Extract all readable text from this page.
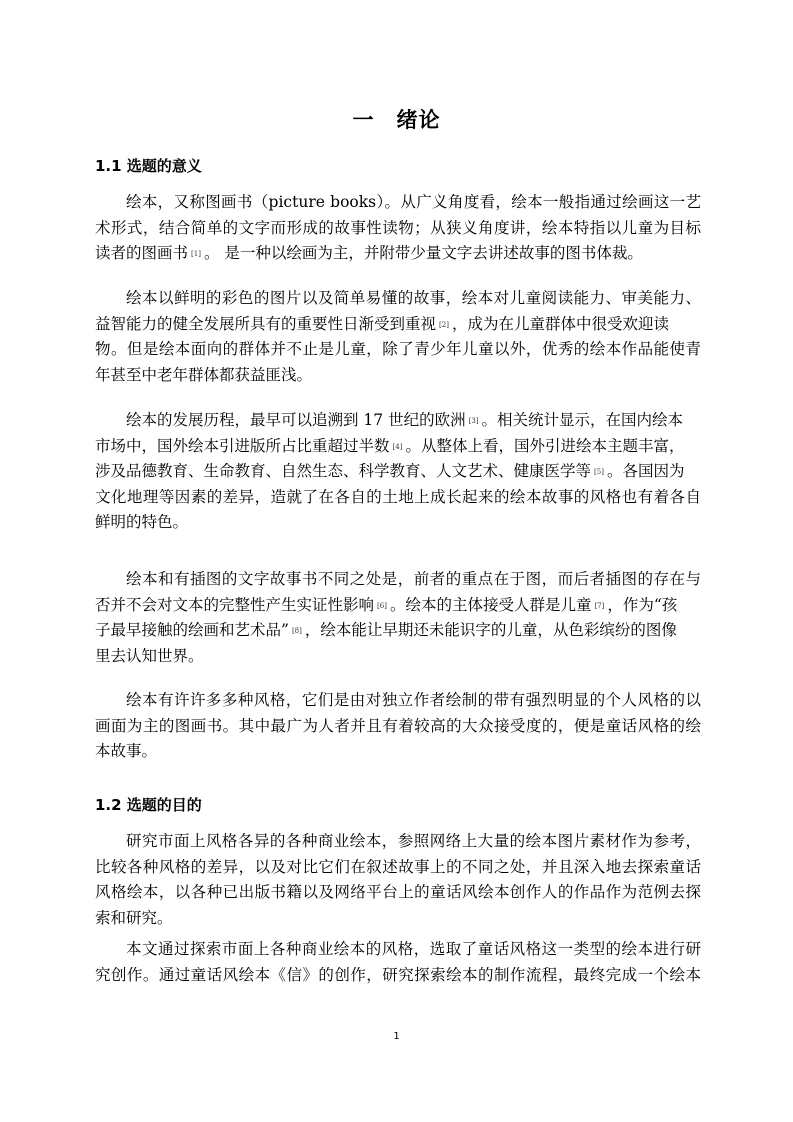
一　绪论
1.1 选题的意义
绘本，又称图画书（picture books）。从广义角度看，绘本一般指通过绘画这一艺
术形式，结合简单的文字而形成的故事性读物；从狭义角度讲，绘本特指以儿童为目标
读者的图画书 [1] 。 是一种以绘画为主，并附带少量文字去讲述故事的图书体裁。
绘本以鲜明的彩色的图片以及简单易懂的故事，绘本对儿童阅读能力、审美能力、
益智能力的健全发展所具有的重要性日渐受到重视 [2] ，成为在儿童群体中很受欢迎读
物。但是绘本面向的群体并不止是儿童，除了青少年儿童以外，优秀的绘本作品能使青
年甚至中老年群体都获益匪浅。
绘本的发展历程，最早可以追溯到 17 世纪的欧洲 [3] 。相关统计显示，在国内绘本
市场中，国外绘本引进版所占比重超过半数 [4] 。从整体上看，国外引进绘本主题丰富，
涉及品德教育、生命教育、自然生态、科学教育、人文艺术、健康医学等 [5] 。各国因为
文化地理等因素的差异，造就了在各自的土地上成长起来的绘本故事的风格也有着各自
鲜明的特色。
绘本和有插图的文字故事书不同之处是，前者的重点在于图，而后者插图的存在与
否并不会对文本的完整性产生实证性影响 [6] 。绘本的主体接受人群是儿童 [7] ，作为“孩
子最早接触的绘画和艺术品” [8] ，绘本能让早期还未能识字的儿童，从色彩缤纷的图像
里去认知世界。
绘本有许许多多种风格，它们是由对独立作者绘制的带有强烈明显的个人风格的以
画面为主的图画书。其中最广为人者并且有着较高的大众接受度的，便是童话风格的绘
本故事。
1.2 选题的目的
研究市面上风格各异的各种商业绘本，参照网络上大量的绘本图片素材作为参考，
比较各种风格的差异，以及对比它们在叙述故事上的不同之处，并且深入地去探索童话
风格绘本，以各种已出版书籍以及网络平台上的童话风绘本创作人的作品作为范例去探
索和研究。
本文通过探索市面上各种商业绘本的风格，选取了童话风格这一类型的绘本进行研
究创作。通过童话风绘本《信》的创作，研究探索绘本的制作流程，最终完成一个绘本
1
